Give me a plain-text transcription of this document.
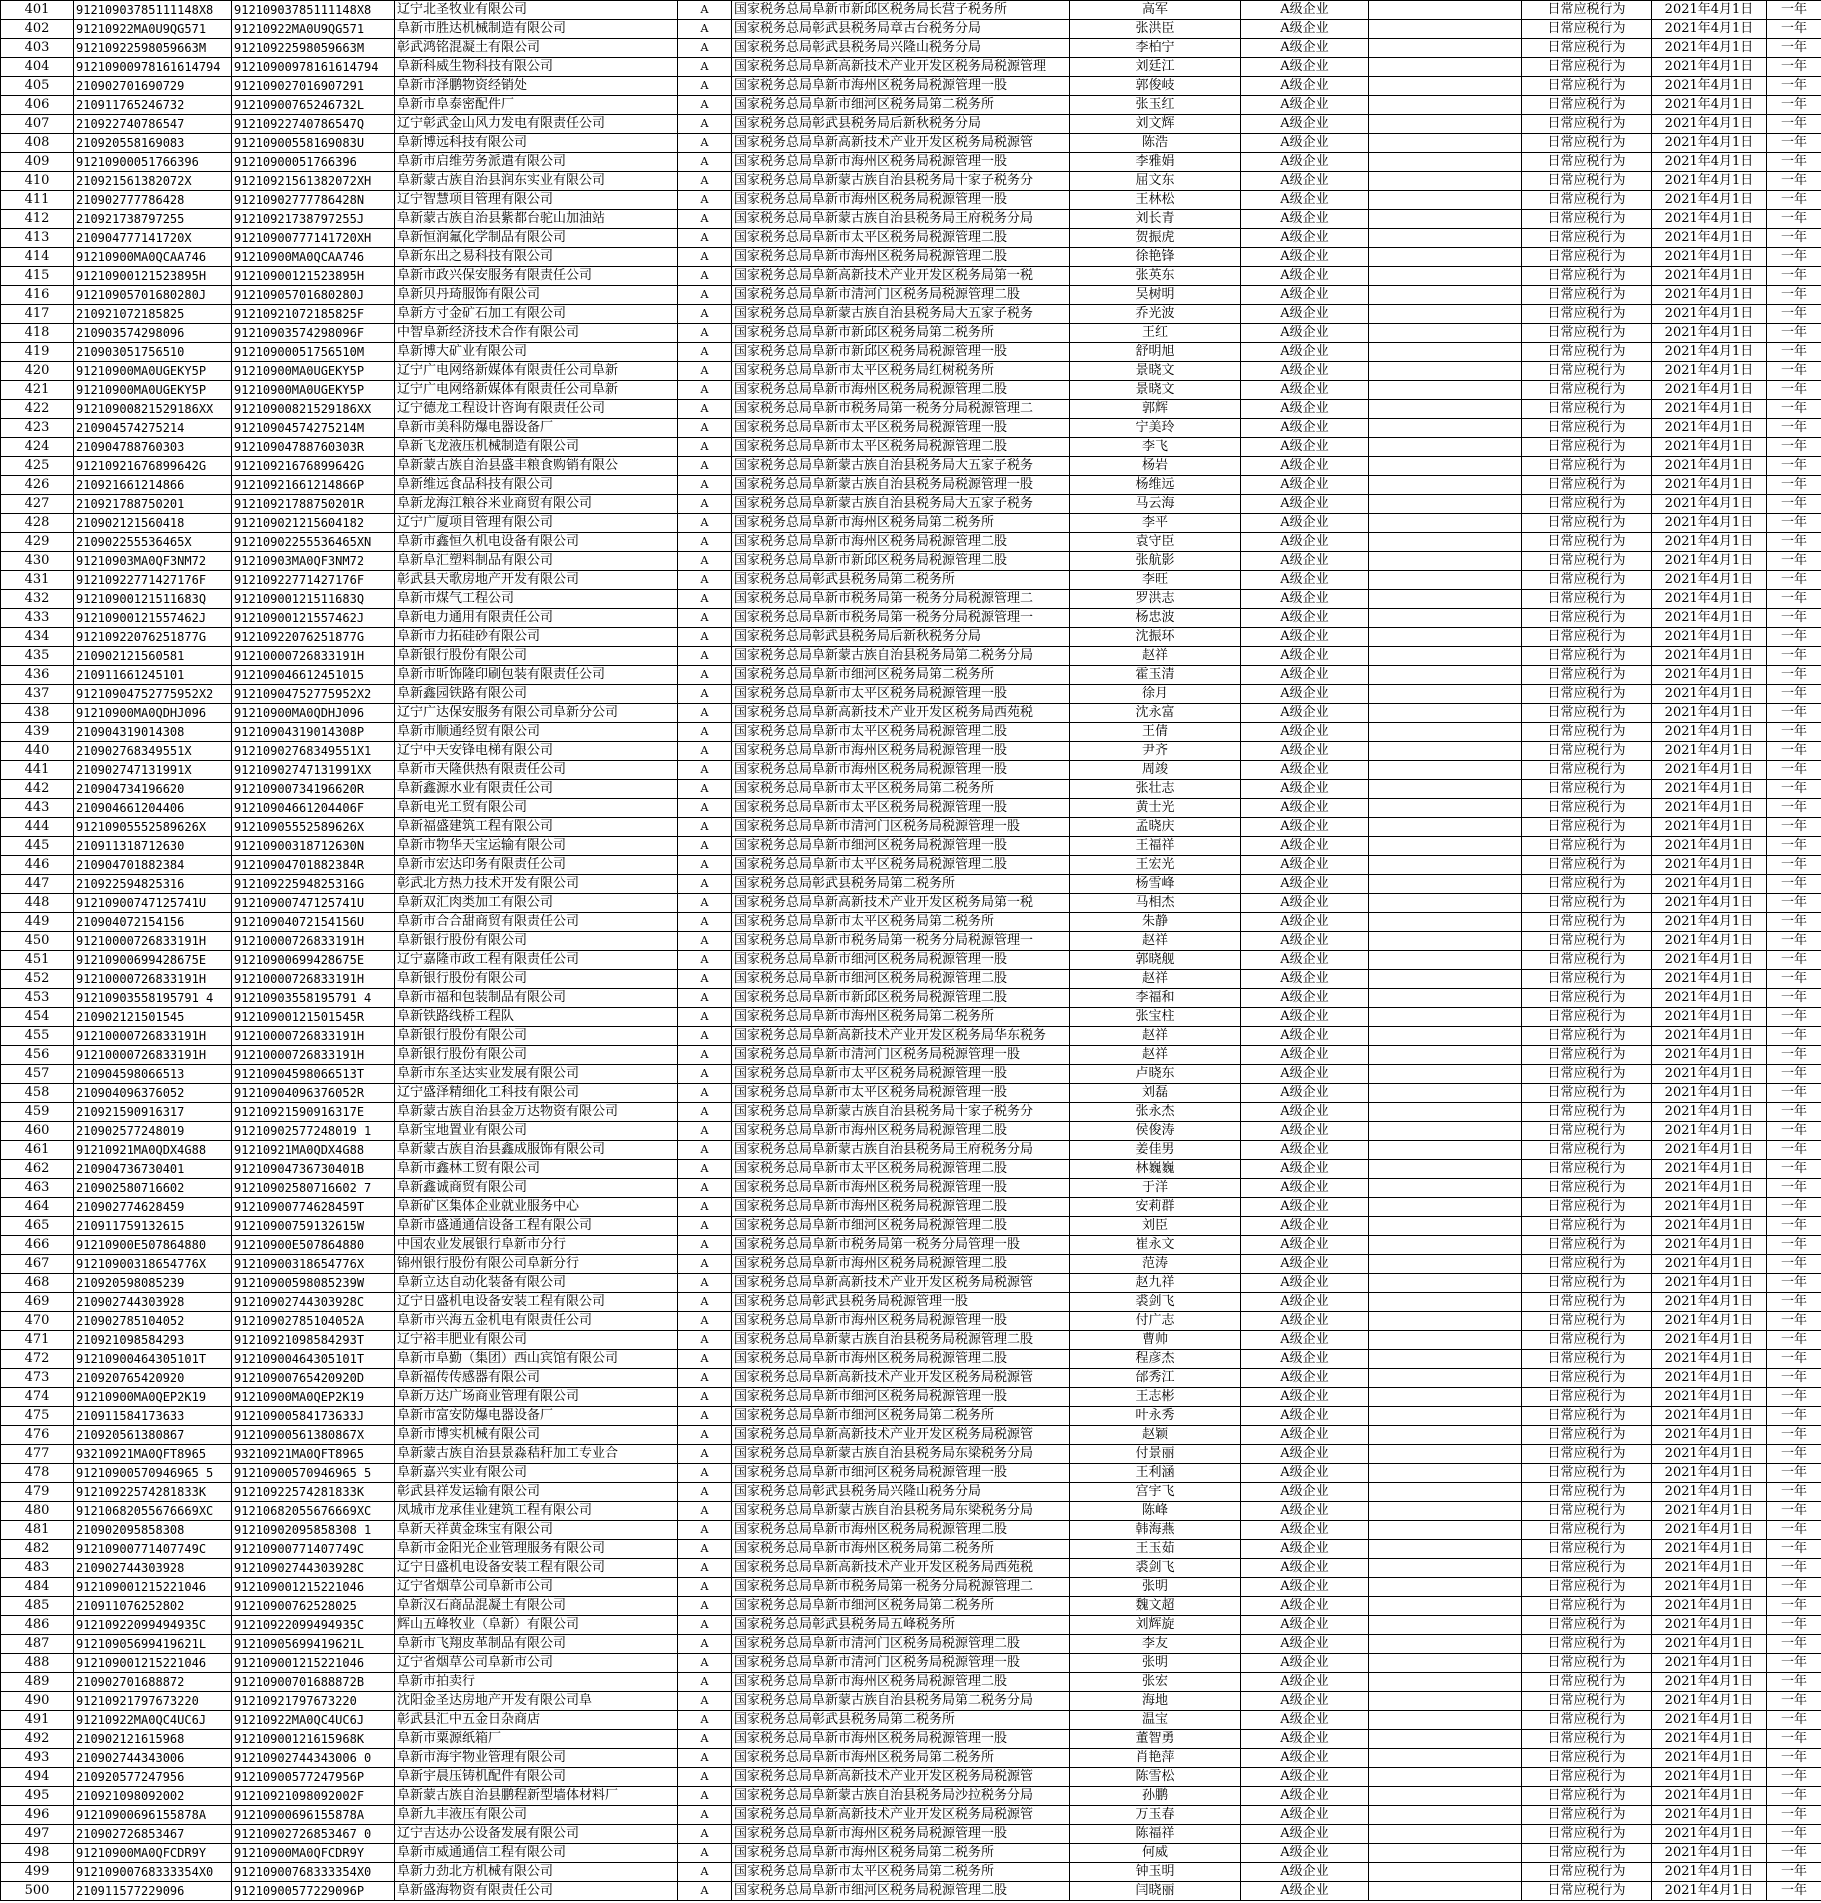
401	91210903785111148X8	91210903785111148X8	辽宁北圣牧业有限公司	A	国家税务总局阜新市新邱区税务局长营子税务所	高军	A级企业		日常应税行为	2021年4月1日	一年
402	91210922MA0U9QG571	91210922MA0U9QG571	阜新市胜达机械制造有限公司	A	国家税务总局彰武县税务局章古台税务分局	张洪臣	A级企业		日常应税行为	2021年4月1日	一年
403	91210922598059663M	91210922598059663M	彰武鸿铭混凝土有限公司	A	国家税务总局彰武县税务局兴隆山税务分局	李柏宁	A级企业		日常应税行为	2021年4月1日	一年
404	91210900978161614794	91210900978161614794	阜新科威生物科技有限公司	A	国家税务总局阜新高新技术产业开发区税务局税源管理	刘廷江	A级企业		日常应税行为	2021年4月1日	一年
405	210902701690729	912109027016907291	阜新市泽鹏物资经销处	A	国家税务总局阜新市海州区税务局税源管理一股	郭俊岐	A级企业		日常应税行为	2021年4月1日	一年
406	210911765246732	91210900765246732L	阜新市阜泰密配件厂	A	国家税务总局阜新市细河区税务局第二税务所	张玉红	A级企业		日常应税行为	2021年4月1日	一年
407	210922740786547	91210922740786547Q	辽宁彰武金山风力发电有限责任公司	A	国家税务总局彰武县税务局后新秋税务分局	刘文辉	A级企业		日常应税行为	2021年4月1日	一年
408	210920558169083	91210900558169083U	阜新博远科技有限公司	A	国家税务总局阜新高新技术产业开发区税务局税源管	陈浩	A级企业		日常应税行为	2021年4月1日	一年
409	91210900051766396	91210900051766396	阜新市启维劳务派遣有限公司	A	国家税务总局阜新市海州区税务局税源管理一股	李雅娟	A级企业		日常应税行为	2021年4月1日	一年
410	210921561382072X	91210921561382072XH	阜新蒙古族自治县润东实业有限公司	A	国家税务总局阜新蒙古族自治县税务局十家子税务分	屈文东	A级企业		日常应税行为	2021年4月1日	一年
411	210902777786428	91210902777786428N	辽宁智慧项目管理有限公司	A	国家税务总局阜新市海州区税务局税源管理一股	王林松	A级企业		日常应税行为	2021年4月1日	一年
412	210921738797255	91210921738797255J	阜新蒙古族自治县紫都台驼山加油站	A	国家税务总局阜新蒙古族自治县税务局王府税务分局	刘长青	A级企业		日常应税行为	2021年4月1日	一年
413	210904777141720X	91210900777141720XH	阜新恒润氟化学制品有限公司	A	国家税务总局阜新市太平区税务局税源管理二股	贺振虎	A级企业		日常应税行为	2021年4月1日	一年
414	91210900MA0QCAA746	91210900MA0QCAA746	阜新东出之易科技有限公司	A	国家税务总局阜新市海州区税务局税源管理二股	徐艳锋	A级企业		日常应税行为	2021年4月1日	一年
415	91210900121523895H	91210900121523895H	阜新市政兴保安服务有限责任公司	A	国家税务总局阜新高新技术产业开发区税务局第一税	张英东	A级企业		日常应税行为	2021年4月1日	一年
416	91210905701680280J	91210905701680280J	阜新贝丹琦服饰有限公司	A	国家税务总局阜新市清河门区税务局税源管理二股	吴树明	A级企业		日常应税行为	2021年4月1日	一年
417	210921072185825	91210921072185825F	阜新方寸金矿石加工有限公司	A	国家税务总局阜新蒙古族自治县税务局大五家子税务	乔光波	A级企业		日常应税行为	2021年4月1日	一年
418	210903574298096	91210903574298096F	中智阜新经济技术合作有限公司	A	国家税务总局阜新市新邱区税务局第二税务所	王红	A级企业		日常应税行为	2021年4月1日	一年
419	210903051756510	91210900051756510M	阜新博大矿业有限公司	A	国家税务总局阜新市新邱区税务局税源管理一股	舒明旭	A级企业		日常应税行为	2021年4月1日	一年
420	91210900MA0UGEKY5P	91210900MA0UGEKY5P	辽宁广电网络新媒体有限责任公司阜新	A	国家税务总局阜新市太平区税务局红树税务所	景晓文	A级企业		日常应税行为	2021年4月1日	一年
421	91210900MA0UGEKY5P	91210900MA0UGEKY5P	辽宁广电网络新媒体有限责任公司阜新	A	国家税务总局阜新市海州区税务局税源管理二股	景晓文	A级企业		日常应税行为	2021年4月1日	一年
422	91210900821529186XX	91210900821529186XX	辽宁德龙工程设计咨询有限责任公司	A	国家税务总局阜新市税务局第一税务分局税源管理二	郭辉	A级企业		日常应税行为	2021年4月1日	一年
423	210904574275214	91210904574275214M	阜新市美科防爆电器设备厂	A	国家税务总局阜新市太平区税务局税源管理一股	宁美玲	A级企业		日常应税行为	2021年4月1日	一年
424	210904788760303	91210904788760303R	阜新飞龙液压机械制造有限公司	A	国家税务总局阜新市太平区税务局税源管理二股	李飞	A级企业		日常应税行为	2021年4月1日	一年
425	91210921676899642G	91210921676899642G	阜新蒙古族自治县盛丰粮食购销有限公	A	国家税务总局阜新蒙古族自治县税务局大五家子税务	杨岩	A级企业		日常应税行为	2021年4月1日	一年
426	210921661214866	91210921661214866P	阜新维远食品科技有限公司	A	国家税务总局阜新蒙古族自治县税务局税源管理一股	杨维远	A级企业		日常应税行为	2021年4月1日	一年
427	210921788750201	91210921788750201R	阜新龙海江粮谷米业商贸有限公司	A	国家税务总局阜新蒙古族自治县税务局大五家子税务	马云海	A级企业		日常应税行为	2021年4月1日	一年
428	210902121560418	912109021215604182	辽宁广厦项目管理有限公司	A	国家税务总局阜新市海州区税务局第二税务所	李平	A级企业		日常应税行为	2021年4月1日	一年
429	210902255536465X	91210902255536465XN	阜新市鑫恒久机电设备有限公司	A	国家税务总局阜新市海州区税务局税源管理二股	袁守臣	A级企业		日常应税行为	2021年4月1日	一年
430	91210903MA0QF3NM72	91210903MA0QF3NM72	阜新阜汇塑料制品有限公司	A	国家税务总局阜新市新邱区税务局税源管理二股	张航影	A级企业		日常应税行为	2021年4月1日	一年
431	91210922771427176F	91210922771427176F	彰武县天歌房地产开发有限公司	A	国家税务总局彰武县税务局第二税务所	李旺	A级企业		日常应税行为	2021年4月1日	一年
432	91210900121511683Q	91210900121511683Q	阜新市煤气工程公司	A	国家税务总局阜新市税务局第一税务分局税源管理二	罗洪志	A级企业		日常应税行为	2021年4月1日	一年
433	91210900121557462J	91210900121557462J	阜新电力通用有限责任公司	A	国家税务总局阜新市税务局第一税务分局税源管理一	杨忠波	A级企业		日常应税行为	2021年4月1日	一年
434	91210922076251877G	91210922076251877G	阜新市力拓硅砂有限公司	A	国家税务总局彰武县税务局后新秋税务分局	沈振环	A级企业		日常应税行为	2021年4月1日	一年
435	210902121560581	91210000726833191H	阜新银行股份有限公司	A	国家税务总局阜新蒙古族自治县税务局第二税务分局	赵祥	A级企业		日常应税行为	2021年4月1日	一年
436	210911661245101	912109046612451015	阜新市昕饰隆印刷包装有限责任公司	A	国家税务总局阜新市细河区税务局第二税务所	霍玉清	A级企业		日常应税行为	2021年4月1日	一年
437	91210904752775952X2	91210904752775952X2	阜新鑫园铁路有限公司	A	国家税务总局阜新市太平区税务局税源管理一股	徐月	A级企业		日常应税行为	2021年4月1日	一年
438	91210900MA0QDHJ096	91210900MA0QDHJ096	辽宁广达保安服务有限公司阜新分公司	A	国家税务总局阜新高新技术产业开发区税务局西苑税	沈永富	A级企业		日常应税行为	2021年4月1日	一年
439	210904319014308	91210904319014308P	阜新市顺通经贸有限公司	A	国家税务总局阜新市太平区税务局税源管理二股	王倩	A级企业		日常应税行为	2021年4月1日	一年
440	210902768349551X	91210902768349551X1	辽宁中天安锋电梯有限公司	A	国家税务总局阜新市海州区税务局税源管理一股	尹齐	A级企业		日常应税行为	2021年4月1日	一年
441	210902747131991X	91210902747131991XX	阜新市天隆供热有限责任公司	A	国家税务总局阜新市海州区税务局税源管理一股	周竣	A级企业		日常应税行为	2021年4月1日	一年
442	210904734196620	91210900734196620R	阜新鑫源水业有限责任公司	A	国家税务总局阜新市太平区税务局第二税务所	张壮志	A级企业		日常应税行为	2021年4月1日	一年
443	210904661204406	91210904661204406F	阜新电光工贸有限公司	A	国家税务总局阜新市太平区税务局税源管理一股	黄士光	A级企业		日常应税行为	2021年4月1日	一年
444	91210905552589626X	91210905552589626X	阜新福盛建筑工程有限公司	A	国家税务总局阜新市清河门区税务局税源管理一股	孟晓庆	A级企业		日常应税行为	2021年4月1日	一年
445	210911318712630	91210900318712630N	阜新市物华天宝运输有限公司	A	国家税务总局阜新市细河区税务局税源管理一股	王福祥	A级企业		日常应税行为	2021年4月1日	一年
446	210904701882384	91210904701882384R	阜新市宏达印务有限责任公司	A	国家税务总局阜新市太平区税务局税源管理二股	王宏光	A级企业		日常应税行为	2021年4月1日	一年
447	210922594825316	91210922594825316G	彰武北方热力技术开发有限公司	A	国家税务总局彰武县税务局第二税务所	杨雪峰	A级企业		日常应税行为	2021年4月1日	一年
448	91210900747125741U	91210900747125741U	阜新双汇肉类加工有限公司	A	国家税务总局阜新高新技术产业开发区税务局第一税	马相杰	A级企业		日常应税行为	2021年4月1日	一年
449	210904072154156	91210904072154156U	阜新市合合甜商贸有限责任公司	A	国家税务总局阜新市太平区税务局第二税务所	朱静	A级企业		日常应税行为	2021年4月1日	一年
450	91210000726833191H	91210000726833191H	阜新银行股份有限公司	A	国家税务总局阜新市税务局第一税务分局税源管理一	赵祥	A级企业		日常应税行为	2021年4月1日	一年
451	91210900699428675E	91210900699428675E	辽宁嘉隆市政工程有限责任公司	A	国家税务总局阜新市细河区税务局税源管理一股	郭晓舰	A级企业		日常应税行为	2021年4月1日	一年
452	91210000726833191H	91210000726833191H	阜新银行股份有限公司	A	国家税务总局阜新市细河区税务局税源管理二股	赵祥	A级企业		日常应税行为	2021年4月1日	一年
453	91210903558195791 4	91210903558195791 4	阜新市福和包装制品有限公司	A	国家税务总局阜新市新邱区税务局税源管理二股	李福和	A级企业		日常应税行为	2021年4月1日	一年
454	210902121501545	91210900121501545R	阜新铁路线桥工程队	A	国家税务总局阜新市海州区税务局第二税务所	张宝柱	A级企业		日常应税行为	2021年4月1日	一年
455	91210000726833191H	91210000726833191H	阜新银行股份有限公司	A	国家税务总局阜新高新技术产业开发区税务局华东税务	赵祥	A级企业		日常应税行为	2021年4月1日	一年
456	91210000726833191H	91210000726833191H	阜新银行股份有限公司	A	国家税务总局阜新市清河门区税务局税源管理一股	赵祥	A级企业		日常应税行为	2021年4月1日	一年
457	210904598066513	91210904598066513T	阜新市东圣达实业发展有限公司	A	国家税务总局阜新市太平区税务局税源管理一股	卢晓东	A级企业		日常应税行为	2021年4月1日	一年
458	210904096376052	91210904096376052R	辽宁盛泽精细化工科技有限公司	A	国家税务总局阜新市太平区税务局税源管理一股	刘磊	A级企业		日常应税行为	2021年4月1日	一年
459	210921590916317	91210921590916317E	阜新蒙古族自治县金万达物资有限公司	A	国家税务总局阜新蒙古族自治县税务局十家子税务分	张永杰	A级企业		日常应税行为	2021年4月1日	一年
460	210902577248019	91210902577248019 1	阜新宝地置业有限公司	A	国家税务总局阜新市海州区税务局税源管理二股	侯俊涛	A级企业		日常应税行为	2021年4月1日	一年
461	91210921MA0QDX4G88	91210921MA0QDX4G88	阜新蒙古族自治县鑫成服饰有限公司	A	国家税务总局阜新蒙古族自治县税务局王府税务分局	姜佳男	A级企业		日常应税行为	2021年4月1日	一年
462	210904736730401	91210904736730401B	阜新市鑫林工贸有限公司	A	国家税务总局阜新市太平区税务局税源管理二股	林巍巍	A级企业		日常应税行为	2021年4月1日	一年
463	210902580716602	91210902580716602 7	阜新鑫诚商贸有限公司	A	国家税务总局阜新市海州区税务局税源管理一股	于洋	A级企业		日常应税行为	2021年4月1日	一年
464	210902774628459	91210900774628459T	阜新矿区集体企业就业服务中心	A	国家税务总局阜新市海州区税务局税源管理二股	安莉群	A级企业		日常应税行为	2021年4月1日	一年
465	210911759132615	91210900759132615W	阜新市盛通通信设备工程有限公司	A	国家税务总局阜新市细河区税务局税源管理二股	刘臣	A级企业		日常应税行为	2021年4月1日	一年
466	91210900E507864880	91210900E507864880	中国农业发展银行阜新市分行	A	国家税务总局阜新市税务局第一税务分局管理一股	崔永文	A级企业		日常应税行为	2021年4月1日	一年
467	91210900318654776X	91210900318654776X	锦州银行股份有限公司阜新分行	A	国家税务总局阜新市海州区税务局税源管理二股	范涛	A级企业		日常应税行为	2021年4月1日	一年
468	210920598085239	91210900598085239W	阜新立达自动化装备有限公司	A	国家税务总局阜新高新技术产业开发区税务局税源管	赵九祥	A级企业		日常应税行为	2021年4月1日	一年
469	210902744303928	91210902744303928C	辽宁日盛机电设备安装工程有限公司	A	国家税务总局彰武县税务局税源管理一股	裘剑飞	A级企业		日常应税行为	2021年4月1日	一年
470	210902785104052	91210902785104052A	阜新市兴海五金机电有限责任公司	A	国家税务总局阜新市海州区税务局税源管理一股	付广志	A级企业		日常应税行为	2021年4月1日	一年
471	210921098584293	91210921098584293T	辽宁裕丰肥业有限公司	A	国家税务总局阜新蒙古族自治县税务局税源管理二股	曹帅	A级企业		日常应税行为	2021年4月1日	一年
472	91210900464305101T	91210900464305101T	阜新市阜勤（集团）西山宾馆有限公司	A	国家税务总局阜新市海州区税务局税源管理二股	程彦杰	A级企业		日常应税行为	2021年4月1日	一年
473	210920765420920	91210900765420920D	阜新福传传感器有限公司	A	国家税务总局阜新高新技术产业开发区税务局税源管	邰秀江	A级企业		日常应税行为	2021年4月1日	一年
474	91210900MA0QEP2K19	91210900MA0QEP2K19	阜新万达广场商业管理有限公司	A	国家税务总局阜新市细河区税务局税源管理一股	王志彬	A级企业		日常应税行为	2021年4月1日	一年
475	210911584173633	91210900584173633J	阜新市富安防爆电器设备厂	A	国家税务总局阜新市细河区税务局第二税务所	叶永秀	A级企业		日常应税行为	2021年4月1日	一年
476	210920561380867	91210900561380867X	阜新市博实机械有限公司	A	国家税务总局阜新高新技术产业开发区税务局税源管	赵颖	A级企业		日常应税行为	2021年4月1日	一年
477	93210921MA0QFT8965	93210921MA0QFT8965	阜新蒙古族自治县景淼秸秆加工专业合	A	国家税务总局阜新蒙古族自治县税务局东梁税务分局	付景丽	A级企业		日常应税行为	2021年4月1日	一年
478	91210900570946965 5	91210900570946965 5	阜新嘉兴实业有限公司	A	国家税务总局阜新市细河区税务局税源管理一股	王利涵	A级企业		日常应税行为	2021年4月1日	一年
479	91210922574281833K	91210922574281833K	彰武县祥发运输有限公司	A	国家税务总局彰武县税务局兴隆山税务分局	宫宇飞	A级企业		日常应税行为	2021年4月1日	一年
480	91210682055676669XC	91210682055676669XC	凤城市龙承佳业建筑工程有限公司	A	国家税务总局阜新蒙古族自治县税务局东梁税务分局	陈峰	A级企业		日常应税行为	2021年4月1日	一年
481	210902095858308	91210902095858308 1	阜新天祥黄金珠宝有限公司	A	国家税务总局阜新市海州区税务局税源管理二股	韩海燕	A级企业		日常应税行为	2021年4月1日	一年
482	91210900771407749C	91210900771407749C	阜新市金阳光企业管理服务有限公司	A	国家税务总局阜新市海州区税务局第二税务所	王玉茹	A级企业		日常应税行为	2021年4月1日	一年
483	210902744303928	91210902744303928C	辽宁日盛机电设备安装工程有限公司	A	国家税务总局阜新高新技术产业开发区税务局西苑税	裘剑飞	A级企业		日常应税行为	2021年4月1日	一年
484	912109001215221046	912109001215221046	辽宁省烟草公司阜新市公司	A	国家税务总局阜新市税务局第一税务分局税源管理二	张明	A级企业		日常应税行为	2021年4月1日	一年
485	210911076252802	91210900762528025	阜新汉石商品混凝土有限公司	A	国家税务总局阜新市细河区税务局第二税务所	魏文超	A级企业		日常应税行为	2021年4月1日	一年
486	91210922099494935C	91210922099494935C	辉山五峰牧业（阜新）有限公司	A	国家税务总局彰武县税务局五峰税务所	刘辉旋	A级企业		日常应税行为	2021年4月1日	一年
487	91210905699419621L	91210905699419621L	阜新市飞翔皮革制品有限公司	A	国家税务总局阜新市清河门区税务局税源管理二股	李友	A级企业		日常应税行为	2021年4月1日	一年
488	912109001215221046	912109001215221046	辽宁省烟草公司阜新市公司	A	国家税务总局阜新市清河门区税务局税源管理一股	张明	A级企业		日常应税行为	2021年4月1日	一年
489	210902701688872	91210900701688872B	阜新市拍卖行	A	国家税务总局阜新市海州区税务局税源管理二股	张宏	A级企业		日常应税行为	2021年4月1日	一年
490	91210921797673220	91210921797673220	沈阳金圣达房地产开发有限公司阜	A	国家税务总局阜新蒙古族自治县税务局第二税务分局	海地	A级企业		日常应税行为	2021年4月1日	一年
491	91210922MA0QC4UC6J	91210922MA0QC4UC6J	彰武县汇中五金日杂商店	A	国家税务总局彰武县税务局第二税务所	温宝	A级企业		日常应税行为	2021年4月1日	一年
492	210902121615968	91210900121615968K	阜新市粟源纸箱厂	A	国家税务总局阜新市海州区税务局税源管理一股	董智勇	A级企业		日常应税行为	2021年4月1日	一年
493	210902744343006	91210902744343006 0	阜新市海宇物业管理有限公司	A	国家税务总局阜新市海州区税务局第二税务所	肖艳萍	A级企业		日常应税行为	2021年4月1日	一年
494	210920577247956	91210900577247956P	阜新宇晨压铸机配件有限公司	A	国家税务总局阜新高新技术产业开发区税务局税源管	陈雪松	A级企业		日常应税行为	2021年4月1日	一年
495	210921098092002	91210921098092002F	阜新蒙古族自治县鹏程新型墙体材料厂	A	国家税务总局阜新蒙古族自治县税务局沙拉税务分局	孙鹏	A级企业		日常应税行为	2021年4月1日	一年
496	91210900696155878A	91210900696155878A	阜新九丰液压有限公司	A	国家税务总局阜新高新技术产业开发区税务局税源管	万玉春	A级企业		日常应税行为	2021年4月1日	一年
497	210902726853467	91210902726853467 0	辽宁吉达办公设备发展有限公司	A	国家税务总局阜新市海州区税务局税源管理一股	陈福祥	A级企业		日常应税行为	2021年4月1日	一年
498	91210900MA0QFCDR9Y	91210900MA0QFCDR9Y	阜新市威通通信工程有限公司	A	国家税务总局阜新市海州区税务局第二税务所	何威	A级企业		日常应税行为	2021年4月1日	一年
499	91210900768333354X0	91210900768333354X0	阜新力劲北方机械有限公司	A	国家税务总局阜新市太平区税务局第二税务所	钟玉明	A级企业		日常应税行为	2021年4月1日	一年
500	210911577229096	91210900577229096P	阜新盛海物资有限责任公司	A	国家税务总局阜新市细河区税务局税源管理二股	闫晓丽	A级企业		日常应税行为	2021年4月1日	一年
